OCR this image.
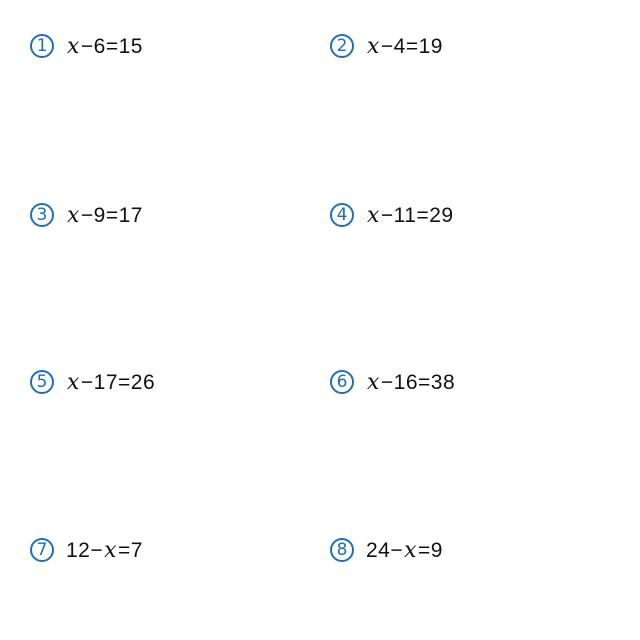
1 x−6=15	2 x−4=19
3 x−9=17	4 x−11=29
5 x−17=26	6 x−16=38
7 12−x=7	8 24−x=9
